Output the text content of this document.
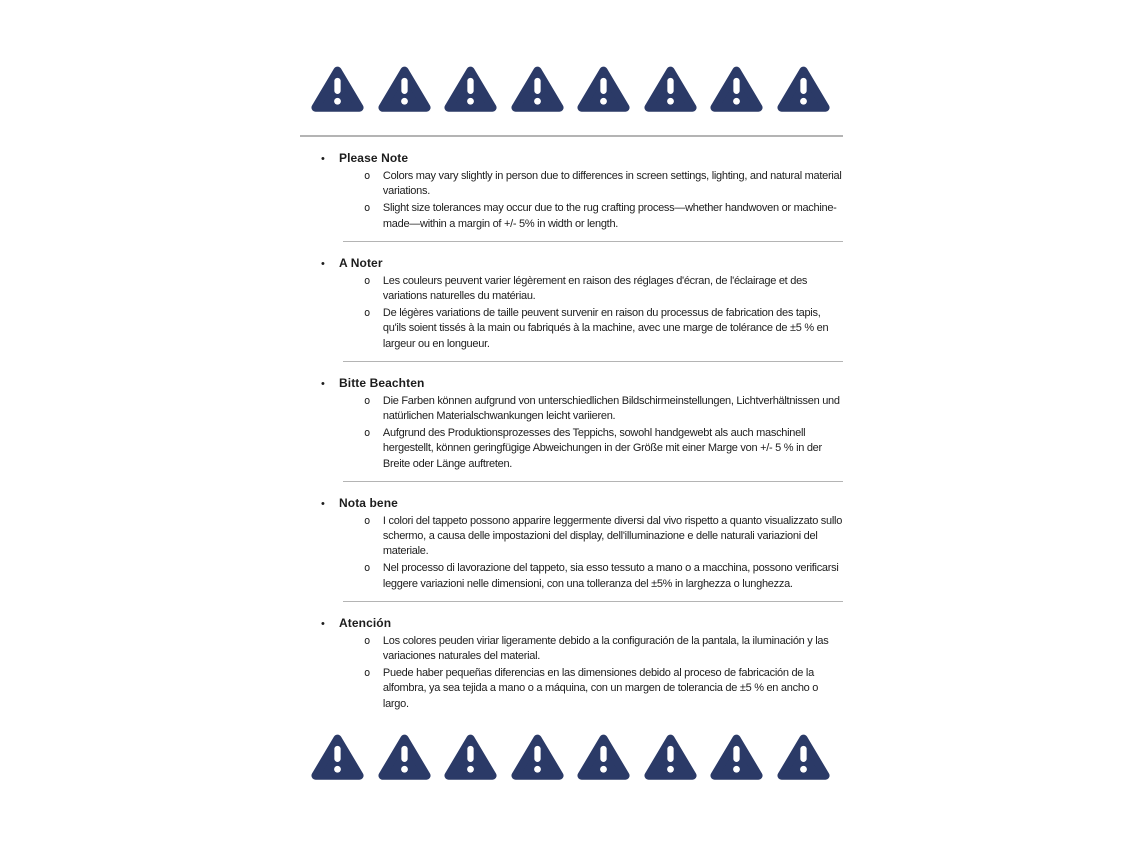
•	Please Note
o	Colors may vary slightly in person due to differences in screen settings, lighting, and natural material variations.

o	Slight size tolerances may occur due to the rug crafting process—whether handwoven or machine-made—within a margin of +/- 5% in width or length.

•	A Noter
o	Les couleurs peuvent varier légèrement en raison des réglages d'écran, de l'éclairage et des variations naturelles du matériau.

o	De légères variations de taille peuvent survenir en raison du processus de fabrication des tapis, qu'ils soient tissés à la main ou fabriqués à la machine, avec une marge de tolérance de ±5 % en largeur ou en longueur.

•	Bitte Beachten
o	Die Farben können aufgrund von unterschiedlichen Bildschirmeinstellungen, Lichtverhältnissen und natürlichen Materialschwankungen leicht variieren.

o	Aufgrund des Produktionsprozesses des Teppichs, sowohl handgewebt als auch maschinell hergestellt, können geringfügige Abweichungen in der Größe mit einer Marge von +/- 5 % in der Breite oder Länge auftreten.

•	Nota bene
o	I colori del tappeto possono apparire leggermente diversi dal vivo rispetto a quanto visualizzato sullo schermo, a causa delle impostazioni del display, dell'illuminazione e delle naturali variazioni del materiale.

o	Nel processo di lavorazione del tappeto, sia esso tessuto a mano o a macchina, possono verificarsi leggere variazioni nelle dimensioni, con una tolleranza del ±5% in larghezza o lunghezza.

•	Atención
o	Los colores peuden viriar ligeramente debido a la configuración de la pantala, la iluminación y las variaciones naturales del material.

o	Puede haber pequeñas diferencias en las dimensiones debido al proceso de fabricación de la alfombra, ya sea tejida a mano o a máquina, con un margen de tolerancia de ±5 % en ancho o largo.
